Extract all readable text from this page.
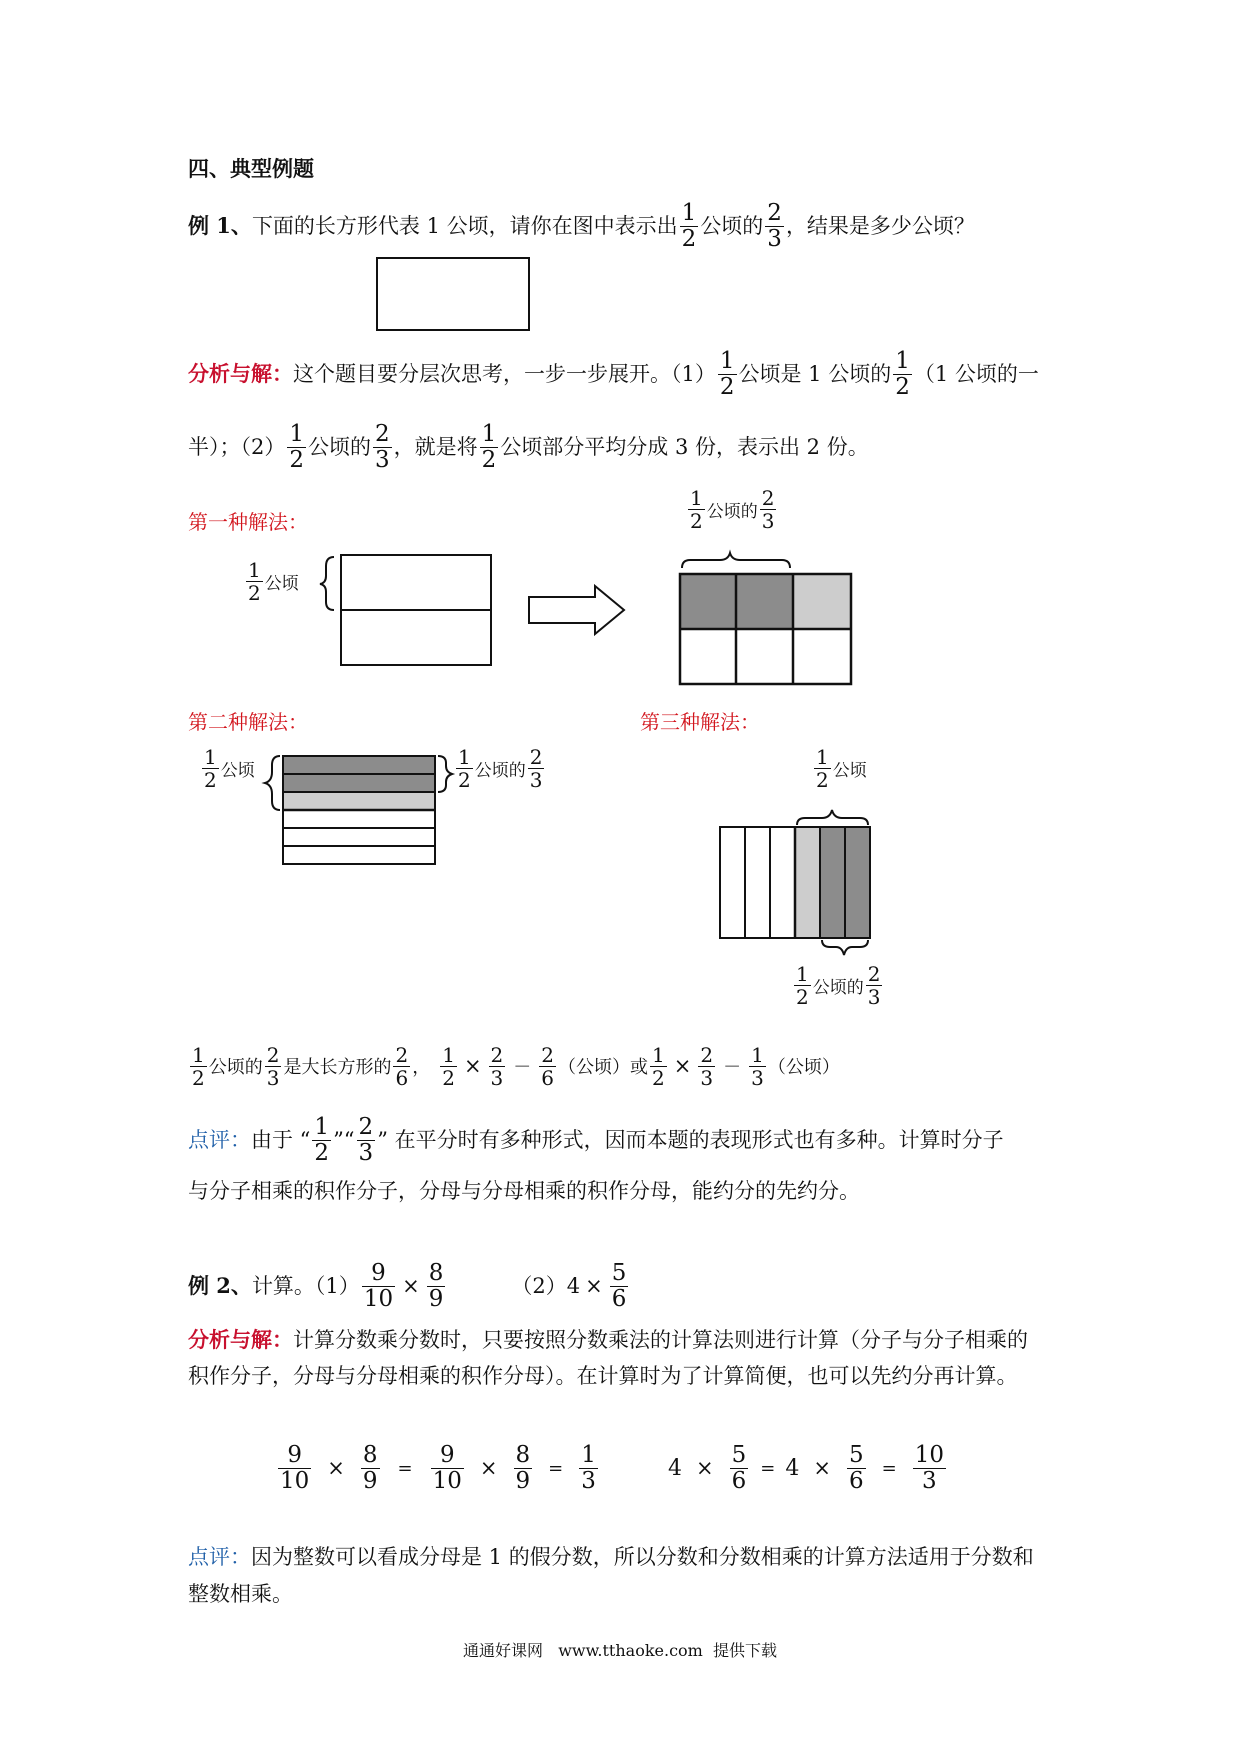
四、典型例题
例 1、 下面的长方形代表 1 公顷，请你在图中表示出 $\frac{1}{2}$ 公顷的 $\frac{2}{3}$ ，结果是多少公顷？
分析与解： 这个题目要分层次思考，一步一步展开。$(1) \frac{1}{2}$ 公顷是 1 公顷的 $\frac{1}{2} (1$ 公顷的一
半）；$(2) \frac{1}{2}$ 公顷的 $\frac{2}{3}$ ，就是将 $\frac{1}{2}$ 公顷部分平均分成 3 份，表示出 2 份。
第一种解法：
第二种解法：	第三种解法：
$\frac{1}{2}$ 公顷
$\frac{1}{2}$ 公顷的 $\frac{2}{3}$
$\frac{1}{2}$ 公顷	$\frac{1}{2}$ 公顷的 $\frac{2}{3}$	$\frac{1}{2}$ 公顷
$\frac{1}{2}$ 公顷的 $\frac{2}{3}$
$\frac{1}{2}$ 公顷的 $\frac{2}{3}$ 是大长方形的 $\frac{2}{6}$ ， $\frac{1}{2} \times \frac{2}{3} - \frac{2}{6}$ （公顷）或 $\frac{1}{2} \times \frac{2}{3} - \frac{1}{3}$ （公顷）
点评： 由于 “ $\frac{1}{2}$ ”“ $\frac{2}{3}$ ” 在平分时有多种形式，因而本题的表现形式也有多种。计算时分子
与分子相乘的积作分子，分母与分母相乘的积作分母，能约分的先约分。
例 2、 计算。$(1) \frac{9}{10} \times \frac{8}{9}$	$(2)4 \times \frac{5}{6}$
分析与解：计算分数乘分数时，只要按照分数乘法的计算法则进行计算（分子与分子相乘的
积作分子，分母与分母相乘的积作分母）。在计算时为了计算简便，也可以先约分再计算。
$\frac{9}{10} \times \frac{8}{9} = \frac{9}{10} \times \frac{8}{9} = \frac{1}{3}$	$4 \times \frac{5}{6} = 4 \times \frac{5}{6} = \frac{10}{3}$
点评：因为整数可以看成分母是 1 的假分数，所以分数和分数相乘的计算方法适用于分数和
整数相乘。
通通好课网   www.tthaoke.com  提供下载
